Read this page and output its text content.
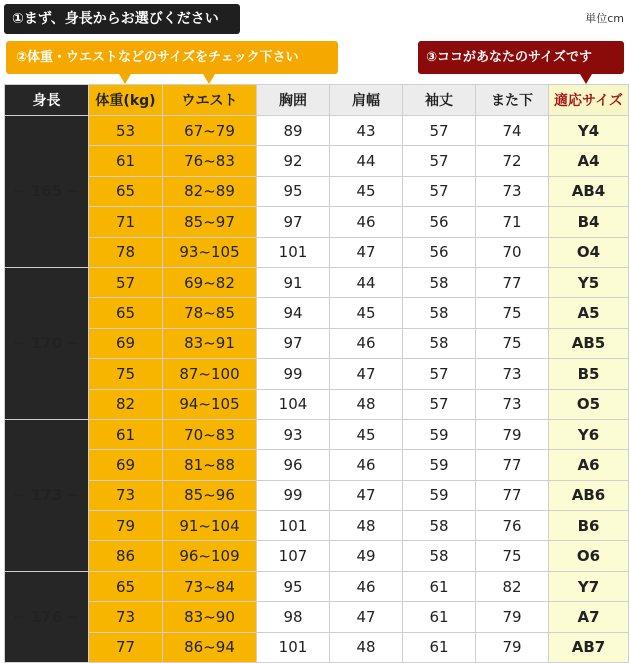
①まず、身長からお選びください	単位cm
②体重・ウエストなどのサイズをチェック下さい	③ココがあなたのサイズです
身長	体重(kg)	ウエスト	胸囲	肩幅	袖丈	また下	適応サイズ
~ 165 ~	53	67~79	89	43	57	74	Y4
	61	76~83	92	44	57	72	A4
	65	82~89	95	45	57	73	AB4
	71	85~97	97	46	56	71	B4
	78	93~105	101	47	56	70	O4
~ 170 ~	57	69~82	91	44	58	77	Y5
	65	78~85	94	45	58	75	A5
	69	83~91	97	46	58	75	AB5
	75	87~100	99	47	57	73	B5
	82	94~105	104	48	57	73	O5
~ 173 ~	61	70~83	93	45	59	79	Y6
	69	81~88	96	46	59	77	A6
	73	85~96	99	47	59	77	AB6
	79	91~104	101	48	58	76	B6
	86	96~109	107	49	58	75	O6
~ 176 ~	65	73~84	95	46	61	82	Y7
	73	83~90	98	47	61	79	A7
	77	86~94	101	48	61	79	AB7
